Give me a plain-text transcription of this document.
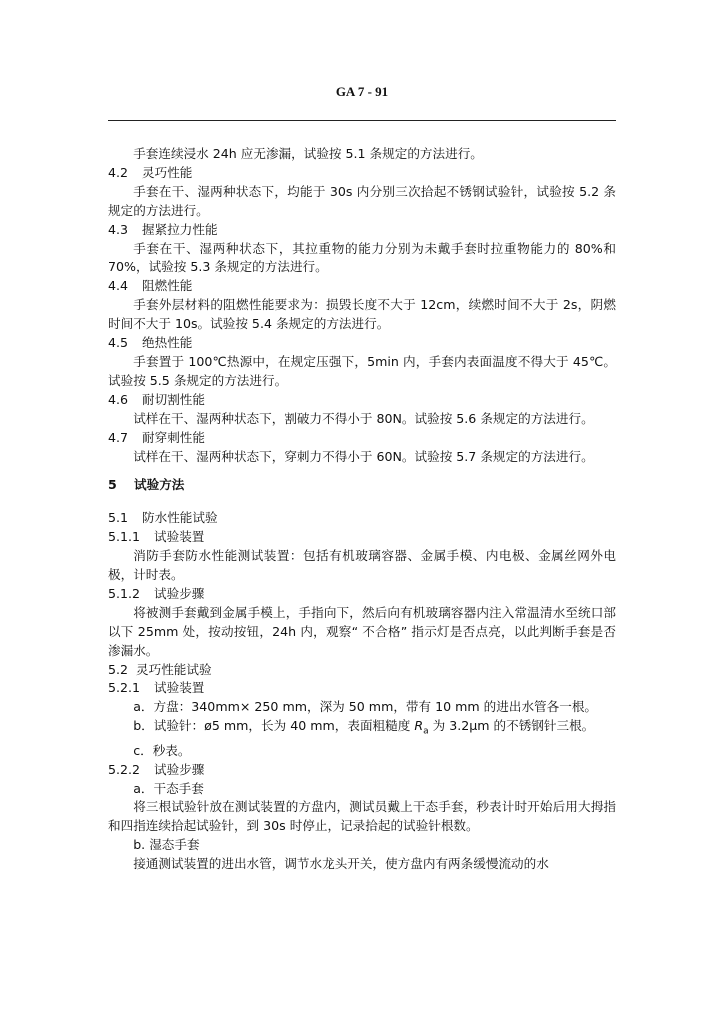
GA 7 - 91
手套连续浸水 24h 应无渗漏，试验按 5.1 条规定的方法进行。
4.2 灵巧性能
手套在干、湿两种状态下，均能于 30s 内分别三次拾起不锈钢试验针，试验按 5.2 条规定的方法进行。
4.3 握紧拉力性能
手套在干、湿两种状态下，其拉重物的能力分别为未戴手套时拉重物能力的 80%和 70%，试验按 5.3 条规定的方法进行。
4.4 阻燃性能
手套外层材料的阻燃性能要求为：损毁长度不大于 12cm，续燃时间不大于 2s，阴燃时间不大于 10s。试验按 5.4 条规定的方法进行。
4.5 绝热性能
手套置于 100℃热源中，在规定压强下，5min 内，手套内表面温度不得大于 45℃。试验按 5.5 条规定的方法进行。
4.6 耐切割性能
试样在干、湿两种状态下，割破力不得小于 80N。试验按 5.6 条规定的方法进行。
4.7 耐穿刺性能
试样在干、湿两种状态下，穿刺力不得小于 60N。试验按 5.7 条规定的方法进行。
5 试验方法
5.1 防水性能试验
5.1.1 试验装置
消防手套防水性能测试装置：包括有机玻璃容器、金属手模、内电极、金属丝网外电极，计时表。
5.1.2 试验步骤
将被测手套戴到金属手模上，手指向下，然后向有机玻璃容器内注入常温清水至统口部以下 25mm 处，按动按钮，24h 内，观察“ 不合格” 指示灯是否点亮，以此判断手套是否渗漏水。
5.2 灵巧性能试验
5.2.1 试验装置
a．方盘：340mm× 250 mm，深为 50 mm，带有 10 mm 的进出水管各一根。
b．试验针：ø5 mm，长为 40 mm，表面粗糙度 $R_a$ 为 3.2μm 的不锈钢针三根。
c．秒表。
5.2.2 试验步骤
a．干态手套
将三根试验针放在测试装置的方盘内，测试员戴上干态手套，秒表计时开始后用大拇指和四指连续拾起试验针，到 30s 时停止，记录拾起的试验针根数。
b. 湿态手套
接通测试装置的进出水管，调节水龙头开关，使方盘内有两条缓慢流动的水
